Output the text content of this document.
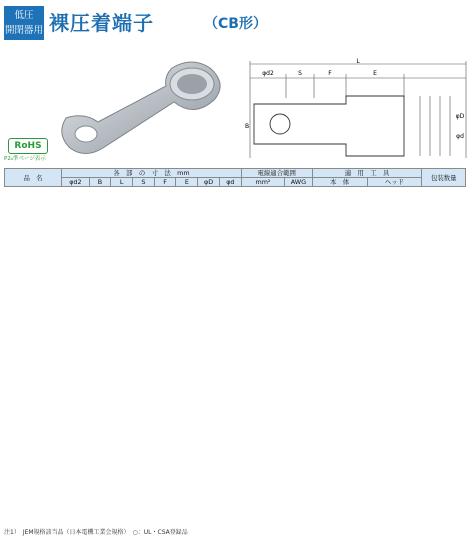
低圧
開閉器用 裸圧着端子	（CB形）
RoHS
P2ₐ準ページ表示
L
φd2	S	F	E
B
φD
φd
品　名	各　部　の　寸　法　mm								電線適合範囲		適　用　工　具		包装数量
	φd2	B	L	S	F	E	φD	φd	mm²	AWG	本　体	ヘッド	
注1）　JEM規格該当品（日本電機工業会規格）　○：UL・CSA登録品
